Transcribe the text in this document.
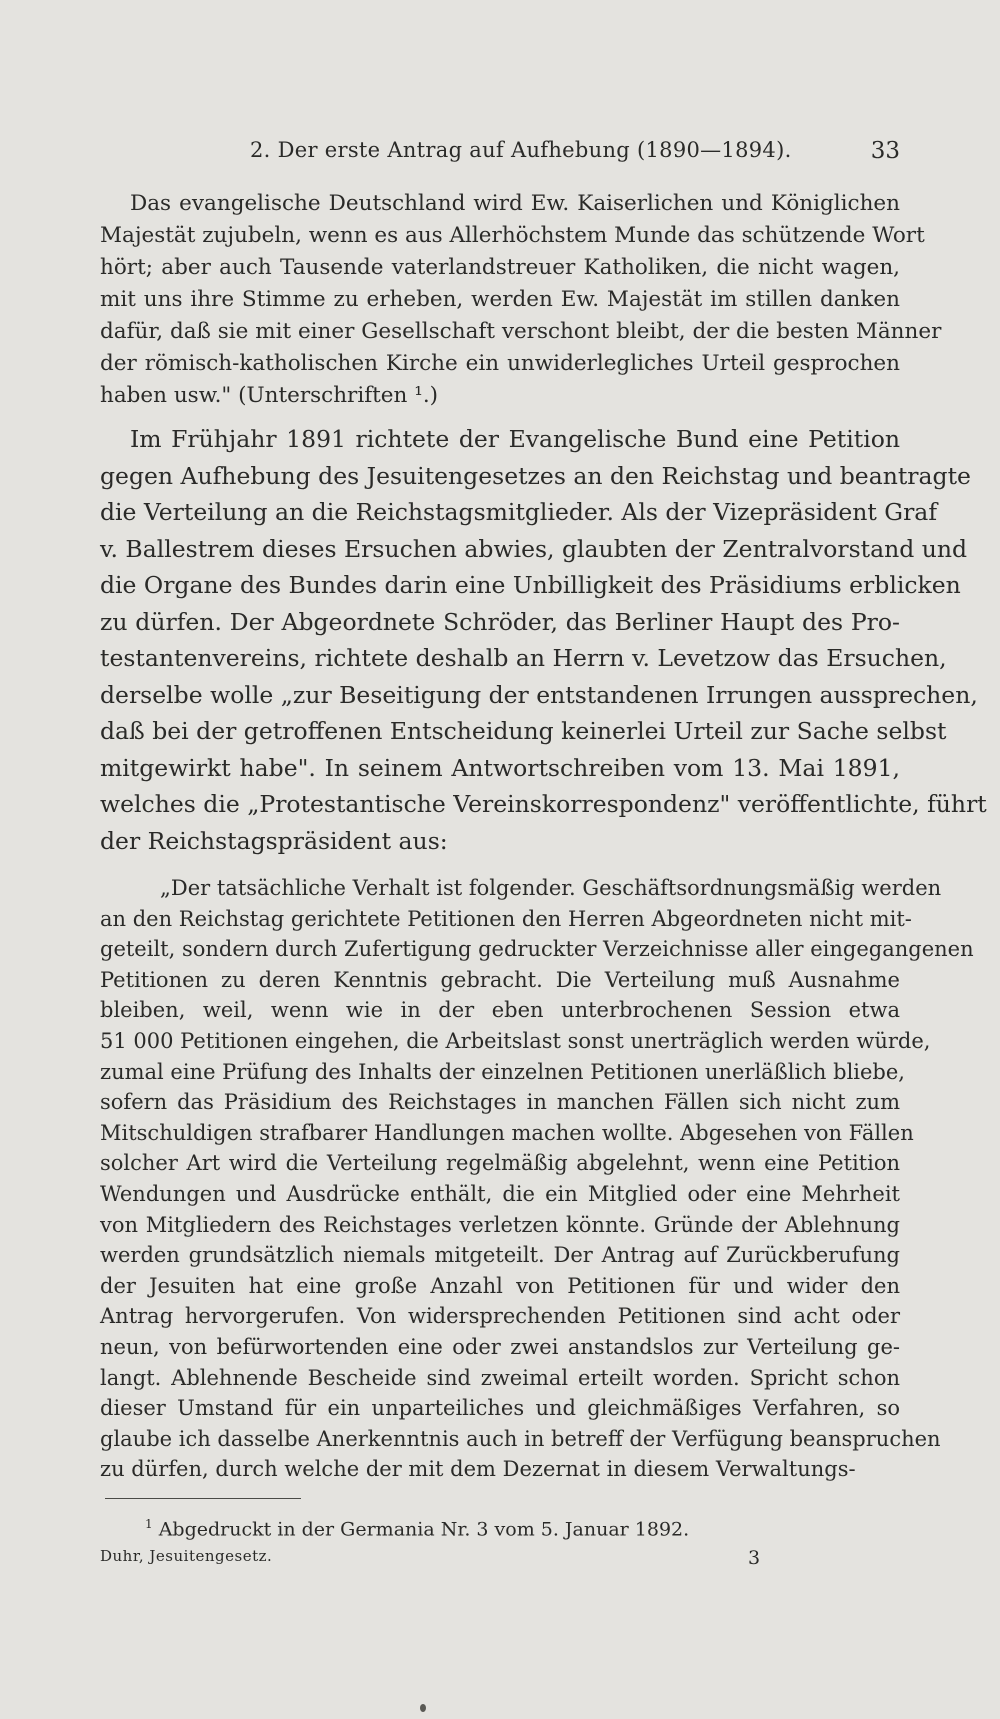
2. Der erste Antrag auf Aufhebung (1890—1894).	33
Das evangelische Deutschland wird Ew. Kaiserlichen und Königlichen
Majestät zujubeln, wenn es aus Allerhöchstem Munde das schützende Wort
hört; aber auch Tausende vaterlandstreuer Katholiken, die nicht wagen,
mit uns ihre Stimme zu erheben, werden Ew. Majestät im stillen danken
dafür, daß sie mit einer Gesellschaft verschont bleibt, der die besten Männer
der römisch-katholischen Kirche ein unwiderlegliches Urteil gesprochen
haben usw." (Unterschriften ¹.)
Im Frühjahr 1891 richtete der Evangelische Bund eine Petition
gegen Aufhebung des Jesuitengesetzes an den Reichstag und beantragte
die Verteilung an die Reichstagsmitglieder. Als der Vizepräsident Graf
v. Ballestrem dieses Ersuchen abwies, glaubten der Zentralvorstand und
die Organe des Bundes darin eine Unbilligkeit des Präsidiums erblicken
zu dürfen. Der Abgeordnete Schröder, das Berliner Haupt des Pro-
testantenvereins, richtete deshalb an Herrn v. Levetzow das Ersuchen,
derselbe wolle „zur Beseitigung der entstandenen Irrungen aussprechen,
daß bei der getroffenen Entscheidung keinerlei Urteil zur Sache selbst
mitgewirkt habe". In seinem Antwortschreiben vom 13. Mai 1891,
welches die „Protestantische Vereinskorrespondenz" veröffentlichte, führt
der Reichstagspräsident aus:
„Der tatsächliche Verhalt ist folgender. Geschäftsordnungsmäßig werden
an den Reichstag gerichtete Petitionen den Herren Abgeordneten nicht mit-
geteilt, sondern durch Zufertigung gedruckter Verzeichnisse aller eingegangenen
Petitionen zu deren Kenntnis gebracht. Die Verteilung muß Ausnahme
bleiben, weil, wenn wie in der eben unterbrochenen Session etwa
51 000 Petitionen eingehen, die Arbeitslast sonst unerträglich werden würde,
zumal eine Prüfung des Inhalts der einzelnen Petitionen unerläßlich bliebe,
sofern das Präsidium des Reichstages in manchen Fällen sich nicht zum
Mitschuldigen strafbarer Handlungen machen wollte. Abgesehen von Fällen
solcher Art wird die Verteilung regelmäßig abgelehnt, wenn eine Petition
Wendungen und Ausdrücke enthält, die ein Mitglied oder eine Mehrheit
von Mitgliedern des Reichstages verletzen könnte. Gründe der Ablehnung
werden grundsätzlich niemals mitgeteilt. Der Antrag auf Zurückberufung
der Jesuiten hat eine große Anzahl von Petitionen für und wider den
Antrag hervorgerufen. Von widersprechenden Petitionen sind acht oder
neun, von befürwortenden eine oder zwei anstandslos zur Verteilung ge-
langt. Ablehnende Bescheide sind zweimal erteilt worden. Spricht schon
dieser Umstand für ein unparteiliches und gleichmäßiges Verfahren, so
glaube ich dasselbe Anerkenntnis auch in betreff der Verfügung beanspruchen
zu dürfen, durch welche der mit dem Dezernat in diesem Verwaltungs-
$^1$ Abgedruckt in der Germania Nr. 3 vom 5. Januar 1892.
Duhr, Jesuitengesetz.	3
